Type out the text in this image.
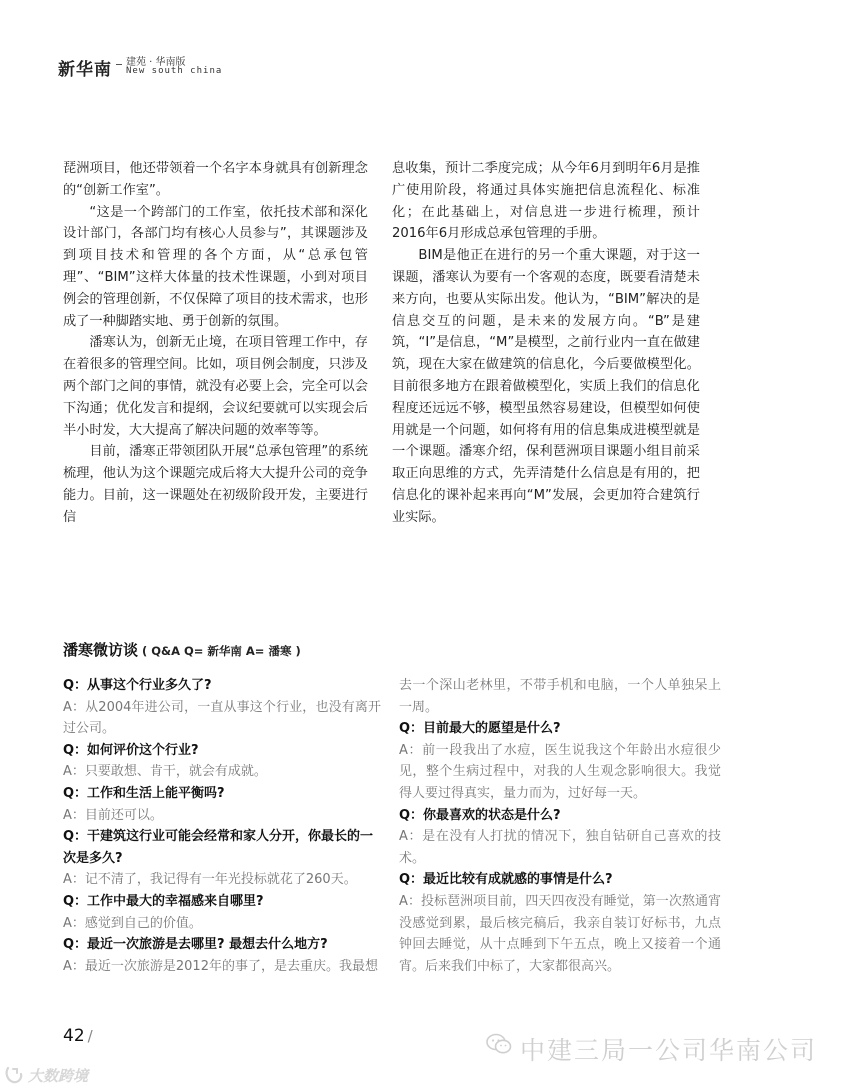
新华南 建苑 · 华南版
New south china

琵洲项目，他还带领着一个名字本身就具有创新理念的“创新工作室”。

“这是一个跨部门的工作室，依托技术部和深化设计部门，各部门均有核心人员参与”，其课题涉及到项目技术和管理的各个方面，从“总承包管理”、“BIM”这样大体量的技术性课题，小到对项目例会的管理创新，不仅保障了项目的技术需求，也形成了一种脚踏实地、勇于创新的氛围。

潘寒认为，创新无止境，在项目管理工作中，存在着很多的管理空间。比如，项目例会制度，只涉及两个部门之间的事情，就没有必要上会，完全可以会下沟通；优化发言和提纲，会议纪要就可以实现会后半小时发，大大提高了解决问题的效率等等。

目前，潘寒正带领团队开展“总承包管理”的系统梳理，他认为这个课题完成后将大大提升公司的竞争能力。目前，这一课题处在初级阶段开发，主要进行信

息收集，预计二季度完成；从今年6月到明年6月是推广使用阶段，将通过具体实施把信息流程化、标准化；在此基础上，对信息进一步进行梳理，预计2016年6月形成总承包管理的手册。

BIM是他正在进行的另一个重大课题，对于这一课题，潘寒认为要有一个客观的态度，既要看清楚未来方向，也要从实际出发。他认为，“BIM”解决的是信息交互的问题，是未来的发展方向。“B”是建筑，“I”是信息，“M”是模型，之前行业内一直在做建筑，现在大家在做建筑的信息化，今后要做模型化。目前很多地方在跟着做模型化，实质上我们的信息化程度还远远不够，模型虽然容易建设，但模型如何使用就是一个问题，如何将有用的信息集成进模型就是一个课题。潘寒介绍，保利琶洲项目课题小组目前采取正向思维的方式，先弄清楚什么信息是有用的，把信息化的课补起来再向“M”发展，会更加符合建筑行业实际。

潘寒微访谈 ( Q&A Q= 新华南 A= 潘寒 )

Q：从事这个行业多久了?

A：从2004年进公司，一直从事这个行业，也没有离开过公司。

Q：如何评价这个行业?

A：只要敢想、肯干，就会有成就。

Q：工作和生活上能平衡吗?

A：目前还可以。

Q：干建筑这行业可能会经常和家人分开，你最长的一次是多久?

A：记不清了，我记得有一年光投标就花了260天。

Q：工作中最大的幸福感来自哪里?

A：感觉到自己的价值。

Q：最近一次旅游是去哪里? 最想去什么地方?

A：最近一次旅游是2012年的事了，是去重庆。我最想

去一个深山老林里，不带手机和电脑，一个人单独呆上一周。

Q：目前最大的愿望是什么?

A：前一段我出了水痘，医生说我这个年龄出水痘很少见，整个生病过程中，对我的人生观念影响很大。我觉得人要过得真实，量力而为，过好每一天。

Q：你最喜欢的状态是什么?

A：是在没有人打扰的情况下，独自钻研自己喜欢的技术。

Q：最近比较有成就感的事情是什么?

A：投标琶洲项目前，四天四夜没有睡觉，第一次熬通宵没感觉到累，最后核完稿后，我亲自装订好标书，九点钟回去睡觉，从十点睡到下午五点，晚上又接着一个通宵。后来我们中标了，大家都很高兴。

42 /	中建三局一公司华南公司
大数跨境
